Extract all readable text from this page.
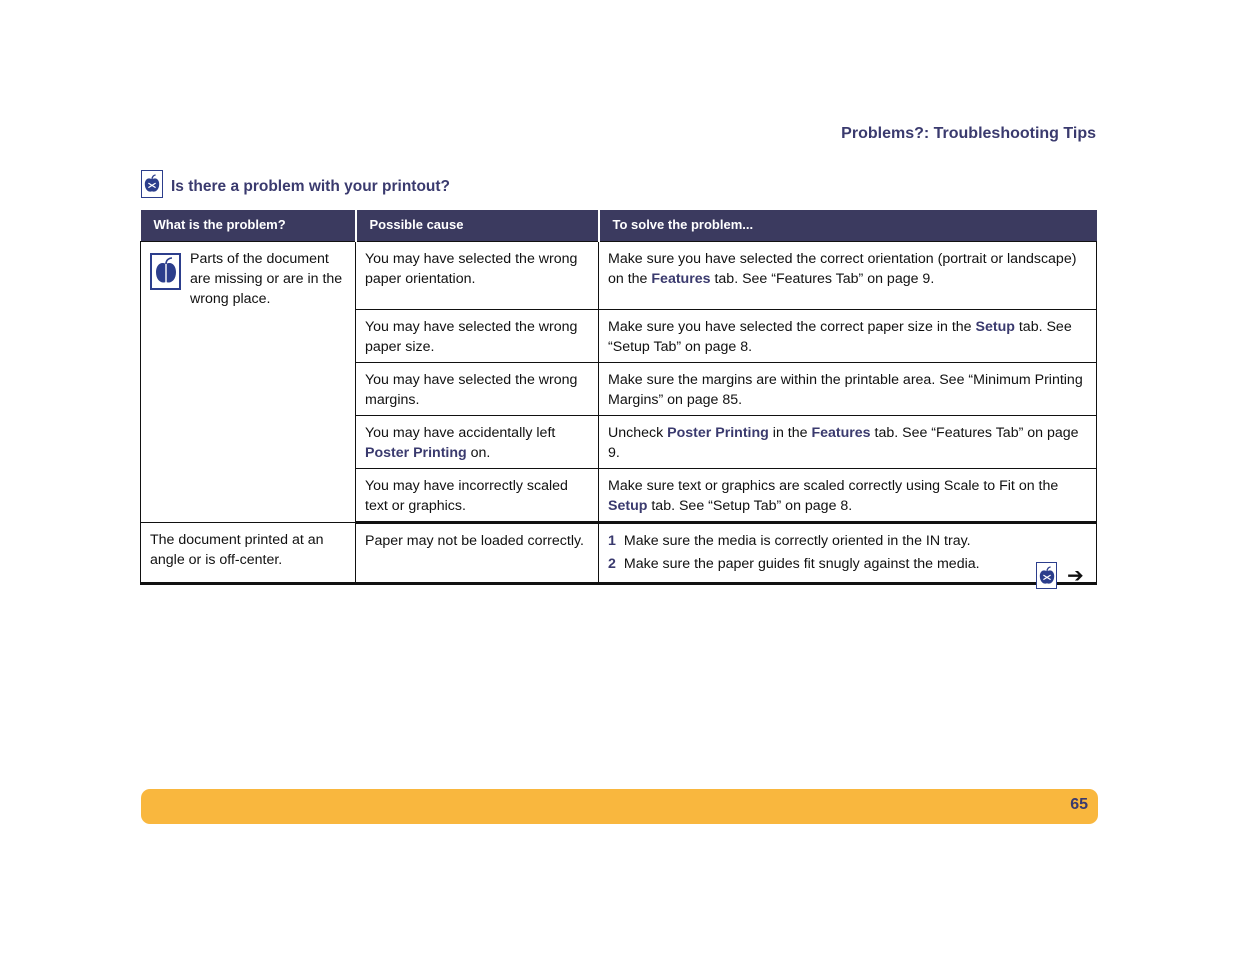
Problems?: Troubleshooting Tips
Is there a problem with your printout?
What is the problem?	Possible cause	To solve the problem...

Parts of the document are missing or are in the wrong place.	You may have selected the wrong paper orientation.	Make sure you have selected the correct orientation (portrait or landscape) on the Features tab. See “Features Tab” on page 9.
	You may have selected the wrong paper size.	Make sure you have selected the correct paper size in the Setup tab. See “Setup Tab” on page 8.
	You may have selected the wrong margins.	Make sure the margins are within the printable area. See “Minimum Printing Margins” on page 85.
	You may have accidentally left Poster Printing on.	Uncheck Poster Printing in the Features tab. See “Features Tab” on page 9.
	You may have incorrectly scaled text or graphics.	Make sure text or graphics are scaled correctly using Scale to Fit on the Setup tab. See “Setup Tab” on page 8.
The document printed at an angle or is off-center.	Paper may not be loaded correctly.	1 Make sure the media is correctly oriented in the IN tray.
2 Make sure the paper guides fit snugly against the media.
➔
65
